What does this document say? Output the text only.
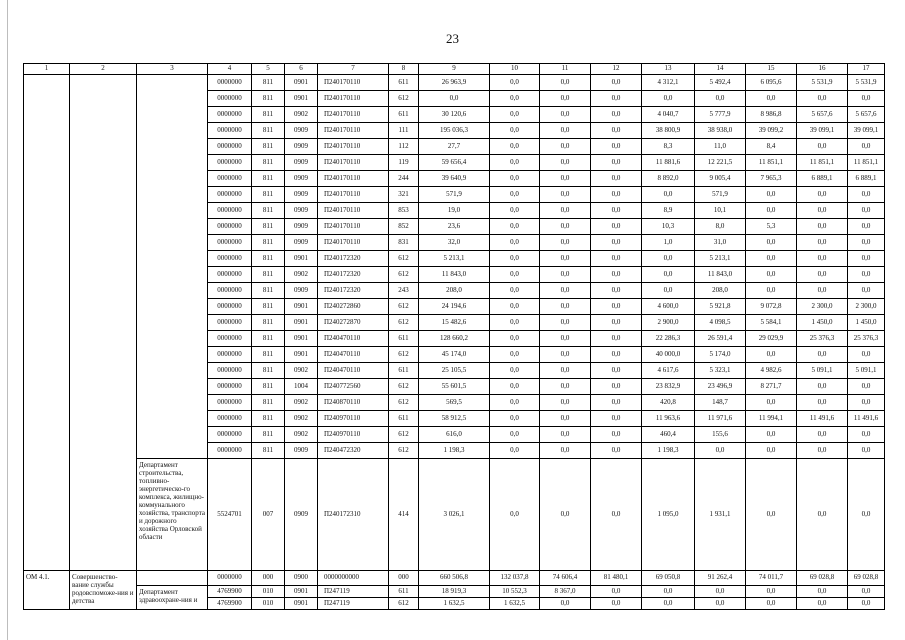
23
1	2	3	4	5	6	7	8	9	10	11	12	13	14	15	16	17
			0000000	811	0901	П240170110	611	26 963,9	0,0	0,0	0,0	4 312,1	5 492,4	6 095,6	5 531,9	5 531,9
			0000000	811	0901	П240170110	612	0,0	0,0	0,0	0,0	0,0	0,0	0,0	0,0	0,0
			0000000	811	0902	П240170110	611	30 120,6	0,0	0,0	0,0	4 040,7	5 777,9	8 986,8	5 657,6	5 657,6
			0000000	811	0909	П240170110	111	195 036,3	0,0	0,0	0,0	38 800,9	38 938,0	39 099,2	39 099,1	39 099,1
			0000000	811	0909	П240170110	112	27,7	0,0	0,0	0,0	8,3	11,0	8,4	0,0	0,0
			0000000	811	0909	П240170110	119	59 656,4	0,0	0,0	0,0	11 881,6	12 221,5	11 851,1	11 851,1	11 851,1
			0000000	811	0909	П240170110	244	39 640,9	0,0	0,0	0,0	8 892,0	9 005,4	7 965,3	6 889,1	6 889,1
			0000000	811	0909	П240170110	321	571,9	0,0	0,0	0,0	0,0	571,9	0,0	0,0	0,0
			0000000	811	0909	П240170110	853	19,0	0,0	0,0	0,0	8,9	10,1	0,0	0,0	0,0
			0000000	811	0909	П240170110	852	23,6	0,0	0,0	0,0	10,3	8,0	5,3	0,0	0,0
			0000000	811	0909	П240170110	831	32,0	0,0	0,0	0,0	1,0	31,0	0,0	0,0	0,0
			0000000	811	0901	П240172320	612	5 213,1	0,0	0,0	0,0	0,0	5 213,1	0,0	0,0	0,0
			0000000	811	0902	П240172320	612	11 843,0	0,0	0,0	0,0	0,0	11 843,0	0,0	0,0	0,0
			0000000	811	0909	П240172320	243	208,0	0,0	0,0	0,0	0,0	208,0	0,0	0,0	0,0
			0000000	811	0901	П240272860	612	24 194,6	0,0	0,0	0,0	4 600,0	5 921,8	9 072,8	2 300,0	2 300,0
			0000000	811	0901	П240272870	612	15 482,6	0,0	0,0	0,0	2 900,0	4 098,5	5 584,1	1 450,0	1 450,0
			0000000	811	0901	П240470110	611	128 660,2	0,0	0,0	0,0	22 286,3	26 591,4	29 029,9	25 376,3	25 376,3
			0000000	811	0901	П240470110	612	45 174,0	0,0	0,0	0,0	40 000,0	5 174,0	0,0	0,0	0,0
			0000000	811	0902	П240470110	611	25 105,5	0,0	0,0	0,0	4 617,6	5 323,1	4 982,6	5 091,1	5 091,1
			0000000	811	1004	П240772560	612	55 601,5	0,0	0,0	0,0	23 832,9	23 496,9	8 271,7	0,0	0,0
			0000000	811	0902	П240870110	612	569,5	0,0	0,0	0,0	420,8	148,7	0,0	0,0	0,0
			0000000	811	0902	П240970110	611	58 912,5	0,0	0,0	0,0	11 963,6	11 971,6	11 994,1	11 491,6	11 491,6
			0000000	811	0902	П240970110	612	616,0	0,0	0,0	0,0	460,4	155,6	0,0	0,0	0,0
			0000000	811	0909	П240472320	612	1 198,3	0,0	0,0	0,0	1 198,3	0,0	0,0	0,0	0,0
		Департамент строительства, топливно-энергетическо-го комплекса, жилищно-коммунального хозяйства, транспорта и дорожного хозяйства Орловской области	5524701	007	0909	П240172310	414	3 026,1	0,0	0,0	0,0	1 095,0	1 931,1	0,0	0,0	0,0
ОМ 4.1.	Совершенство-вание службы родовспоможе-ния и детства		0000000	000	0900	0000000000	000	660 506,8	132 037,8	74 606,4	81 480,1	69 050,8	91 262,4	74 011,7	69 028,8	69 028,8
		Департамент здравоохране-ния и	4769900	010	0901	П247119	611	18 919,3	10 552,3	8 367,0	0,0	0,0	0,0	0,0	0,0	0,0
			4769900	010	0901	П247119	612	1 632,5	1 632,5	0,0	0,0	0,0	0,0	0,0	0,0	0,0
